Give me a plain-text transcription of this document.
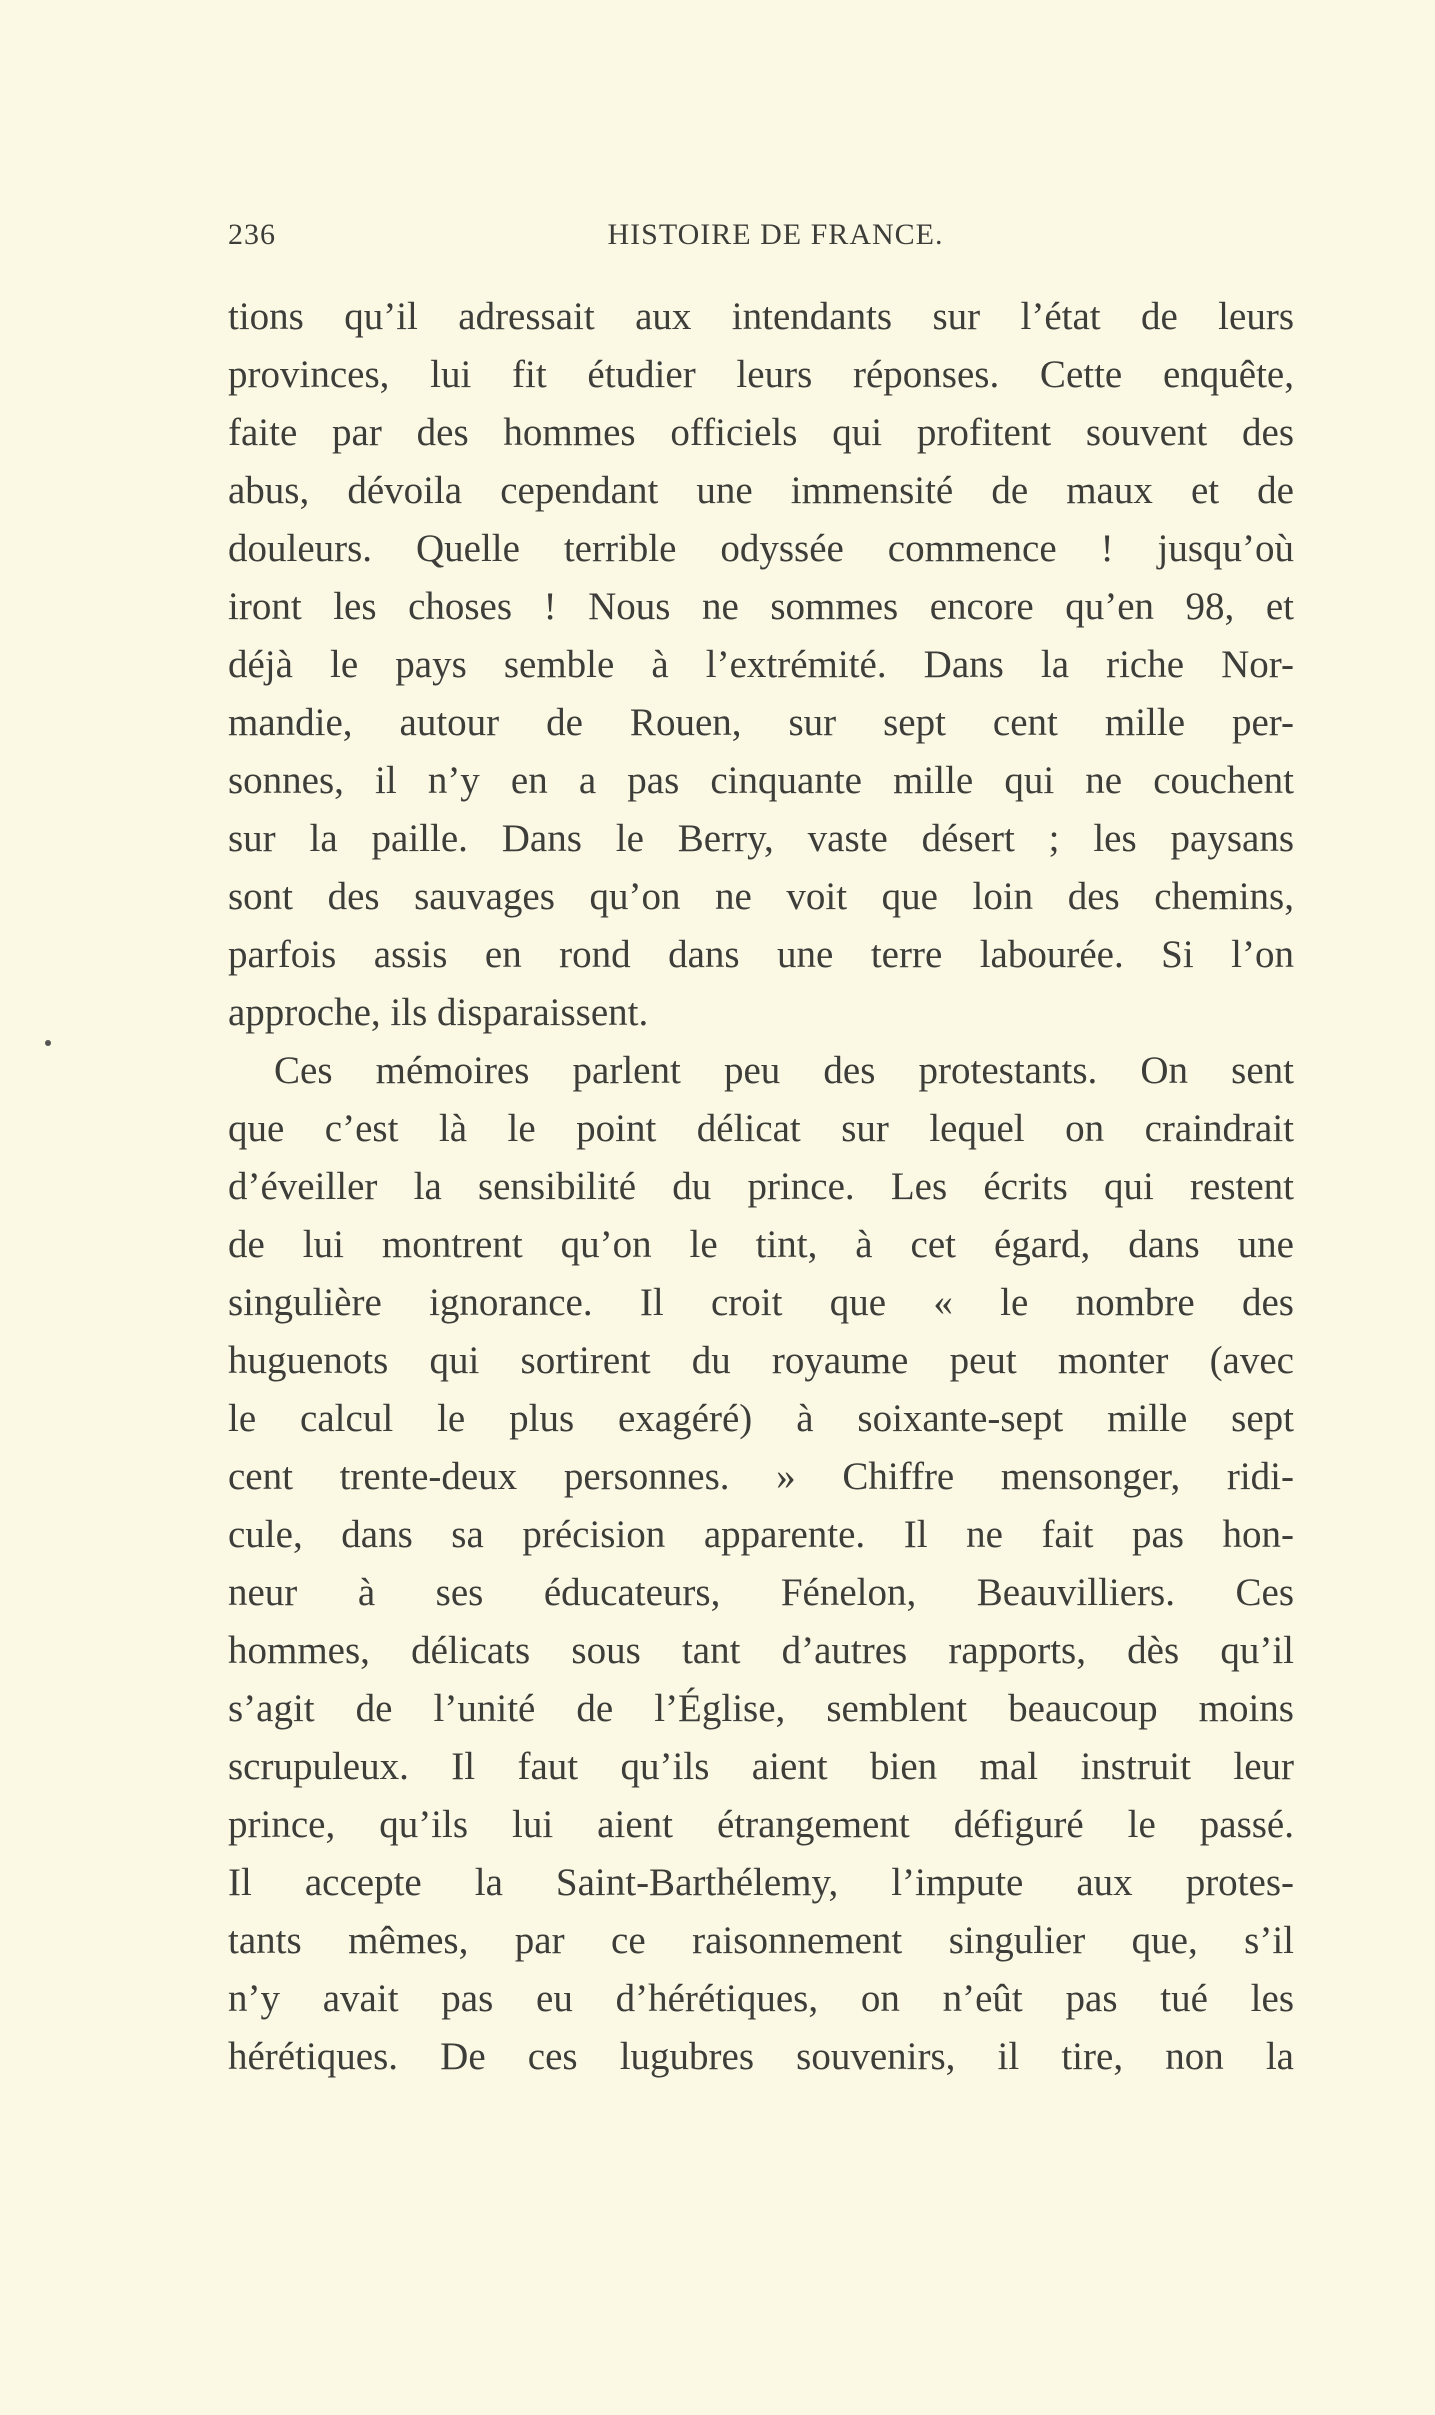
236	HISTOIRE DE FRANCE.
tions qu’il adressait aux intendants sur l’état de leurs
provinces, lui fit étudier leurs réponses. Cette enquête,
faite par des hommes officiels qui profitent souvent des
abus, dévoila cependant une immensité de maux et de
douleurs. Quelle terrible odyssée commence ! jusqu’où
iront les choses ! Nous ne sommes encore qu’en 98, et
déjà le pays semble à l’extrémité. Dans la riche Nor-
mandie, autour de Rouen, sur sept cent mille per-
sonnes, il n’y en a pas cinquante mille qui ne couchent
sur la paille. Dans le Berry, vaste désert ; les paysans
sont des sauvages qu’on ne voit que loin des chemins,
parfois assis en rond dans une terre labourée. Si l’on
approche, ils disparaissent.
Ces mémoires parlent peu des protestants. On sent
que c’est là le point délicat sur lequel on craindrait
d’éveiller la sensibilité du prince. Les écrits qui restent
de lui montrent qu’on le tint, à cet égard, dans une
singulière ignorance. Il croit que « le nombre des
huguenots qui sortirent du royaume peut monter (avec
le calcul le plus exagéré) à soixante-sept mille sept
cent trente-deux personnes. » Chiffre mensonger, ridi-
cule, dans sa précision apparente. Il ne fait pas hon-
neur à ses éducateurs, Fénelon, Beauvilliers. Ces
hommes, délicats sous tant d’autres rapports, dès qu’il
s’agit de l’unité de l’Église, semblent beaucoup moins
scrupuleux. Il faut qu’ils aient bien mal instruit leur
prince, qu’ils lui aient étrangement défiguré le passé.
Il accepte la Saint-Barthélemy, l’impute aux protes-
tants mêmes, par ce raisonnement singulier que, s’il
n’y avait pas eu d’hérétiques, on n’eût pas tué les
hérétiques. De ces lugubres souvenirs, il tire, non la
